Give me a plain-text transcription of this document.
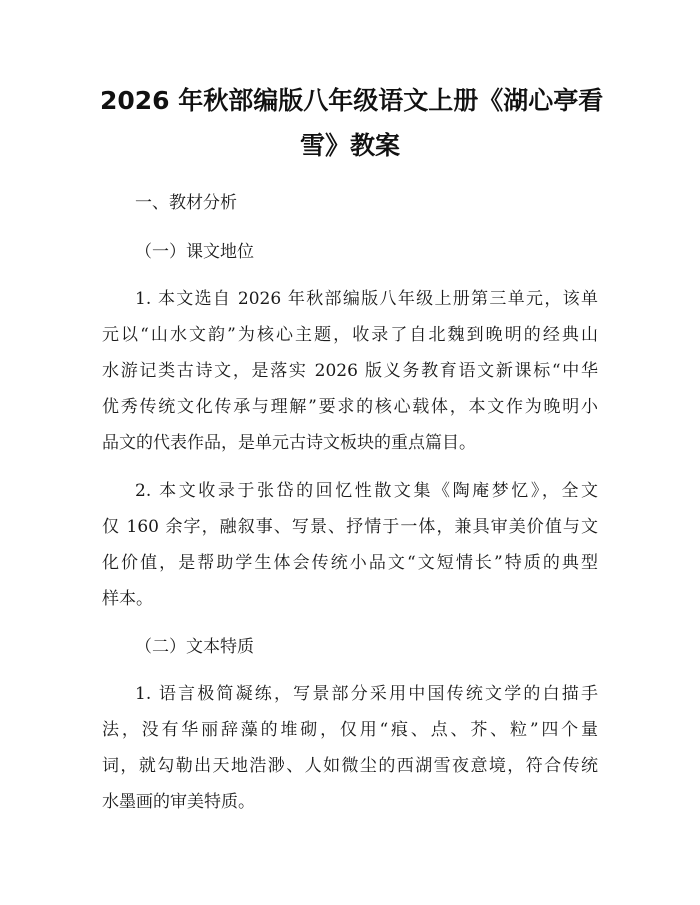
2026 年秋部编版八年级语文上册《湖心亭看
雪》教案
一、教材分析
（一）课文地位
1. 本文选自 2026 年秋部编版八年级上册第三单元，该单
元以“山水文韵”为核心主题，收录了自北魏到晚明的经典山
水游记类古诗文，是落实 2026 版义务教育语文新课标“中华
优秀传统文化传承与理解”要求的核心载体，本文作为晚明小
品文的代表作品，是单元古诗文板块的重点篇目。
2. 本文收录于张岱的回忆性散文集《陶庵梦忆》，全文
仅 160 余字，融叙事、写景、抒情于一体，兼具审美价值与文
化价值，是帮助学生体会传统小品文“文短情长”特质的典型
样本。
（二）文本特质
1. 语言极简凝练，写景部分采用中国传统文学的白描手
法，没有华丽辞藻的堆砌，仅用“痕、点、芥、粒”四个量
词，就勾勒出天地浩渺、人如微尘的西湖雪夜意境，符合传统
水墨画的审美特质。
